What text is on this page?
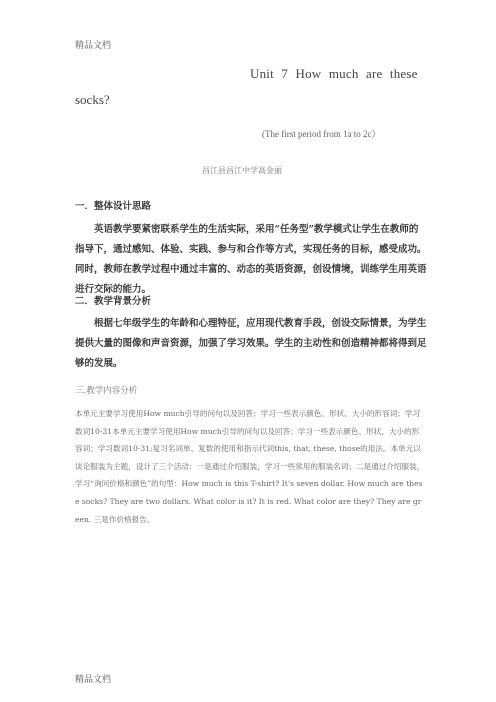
精品文档
Unit 7 How much are these
socks?
(The first period from 1a to 2c）
昌江县昌江中学高金丽
一．整体设计思路

英语教学要紧密联系学生的生活实际，采用“任务型”教学模式让学生在教师的指导下，通过感知、体验、实践、参与和合作等方式，实现任务的目标，感受成功。同时，教师在教学过程中通过丰富的、动态的英语资源，创设情境，训练学生用英语进行交际的能力。

二．教学背景分析

根据七年级学生的年龄和心理特征，应用现代教育手段，创设交际情景，为学生提供大量的图像和声音资源，加强了学习效果。学生的主动性和创造精神都将得到足够的发展。

三.教学内容分析

本单元主要学习使用How much引导的问句以及回答；学习一些表示颜色、形状、大小的形容词；学习数词10-31本单元主要学习使用How much引导的问句以及回答；学习一些表示颜色、形状、大小的形容词；学习数词10-31;复习名词单、复数的使用和指示代词this, that, these, those的用法。本单元以谈论服装为主题，设计了三个活动：一是通过介绍服装，学习一些常用的服装名词；二是通过介绍服装，学习“询问价格和颜色”的句型：How much is this T-shirt? It’s seven dollar. How much are these socks? They are two dollars. What color is it? It is red. What color are they? They are green. 三是作价格报告。

精品文档
